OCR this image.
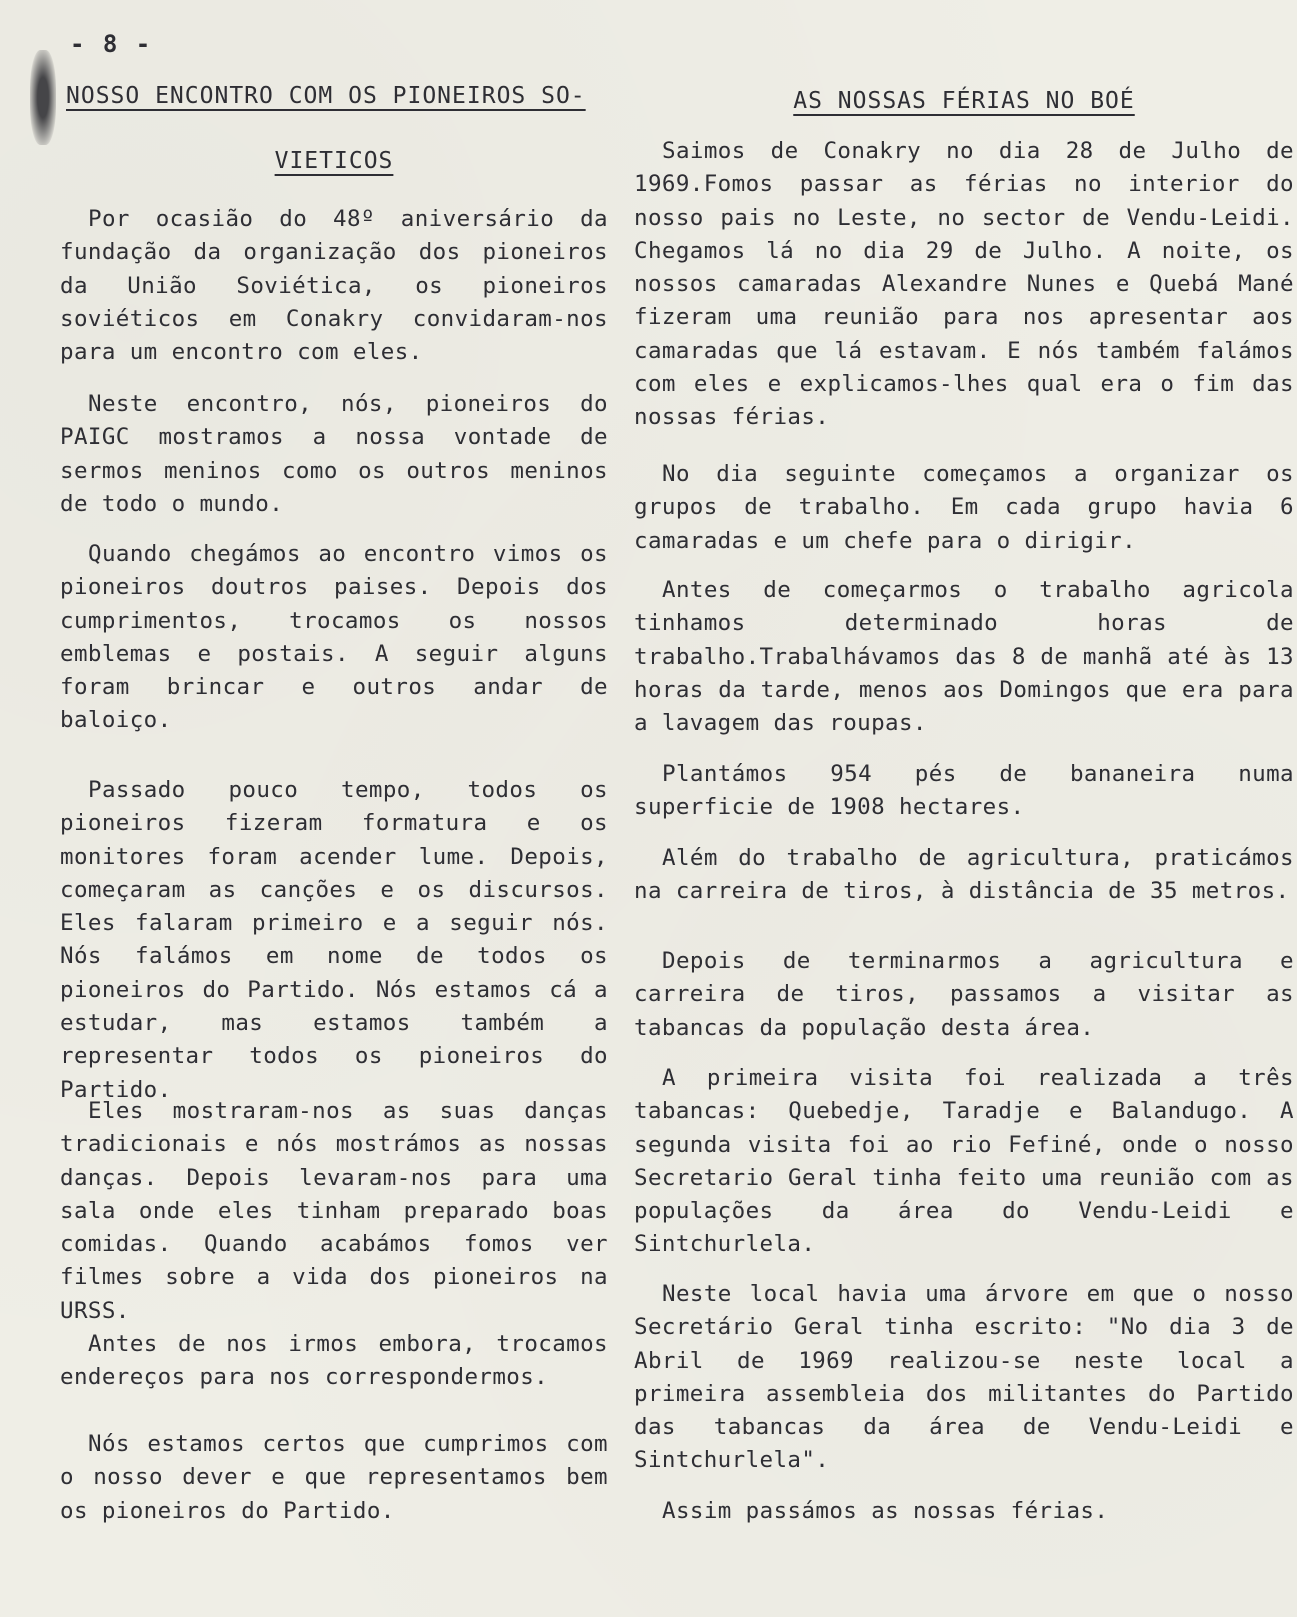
- 8 -
NOSSO ENCONTRO COM OS PIONEIROS SO-
VIETICOS

Por ocasião do 48º aniversário da fundação da organização dos pioneiros da União Soviética, os pioneiros soviéticos em Conakry convidaram-nos para um encontro com eles.

Neste encontro, nós, pioneiros do PAIGC mostramos a nossa vontade de sermos meninos como os outros meninos de todo o mundo.

Quando chegámos ao encontro vimos os pioneiros doutros paises. Depois dos cumprimentos, trocamos os nossos emblemas e postais. A seguir alguns foram brincar e outros andar de baloiço.

Passado pouco tempo, todos os pioneiros fizeram formatura e os monitores foram acender lume. Depois, começaram as canções e os discursos. Eles falaram primeiro e a seguir nós. Nós falámos em nome de todos os pioneiros do Partido. Nós estamos cá a estudar, mas estamos também a representar todos os pioneiros do Partido.

Eles mostraram-nos as suas danças tradicionais e nós mostrámos as nossas danças. Depois levaram-nos para uma sala onde eles tinham preparado boas comidas. Quando acabámos fomos ver filmes sobre a vida dos pioneiros na URSS.

Antes de nos irmos embora, trocamos endereços para nos correspondermos.

Nós estamos certos que cumprimos com o nosso dever e que representamos bem os pioneiros do Partido.

AS NOSSAS FÉRIAS NO BOÉ

Saimos de Conakry no dia 28 de Julho de 1969.Fomos passar as férias no interior do nosso pais no Leste, no sector de Vendu-Leidi. Chegamos lá no dia 29 de Julho. A noite, os nossos camaradas Alexandre Nunes e Quebá Mané fizeram uma reunião para nos apresentar aos camaradas que lá estavam. E nós também falámos com eles e explicamos-lhes qual era o fim das nossas férias.

No dia seguinte começamos a organizar os grupos de trabalho. Em cada grupo havia 6 camaradas e um chefe para o dirigir.

Antes de começarmos o trabalho agricola tinhamos determinado horas de trabalho.Trabalhávamos das 8 de manhã até às 13 horas da tarde, menos aos Domingos que era para a lavagem das roupas.

Plantámos 954 pés de bananeira numa superficie de 1908 hectares.

Além do trabalho de agricultura, praticámos na carreira de tiros, à distância de 35 metros.

Depois de terminarmos a agricultura e carreira de tiros, passamos a visitar as tabancas da população desta área.

A primeira visita foi realizada a três tabancas: Quebedje, Taradje e Balandugo. A segunda visita foi ao rio Fefiné, onde o nosso Secretario Geral tinha feito uma reunião com as populações da área do Vendu-Leidi e Sintchurlela.

Neste local havia uma árvore em que o nosso Secretário Geral tinha escrito: "No dia 3 de Abril de 1969 realizou-se neste local a primeira assembleia dos militantes do Partido das tabancas da área de Vendu-Leidi e Sintchurlela".

Assim passámos as nossas férias.
